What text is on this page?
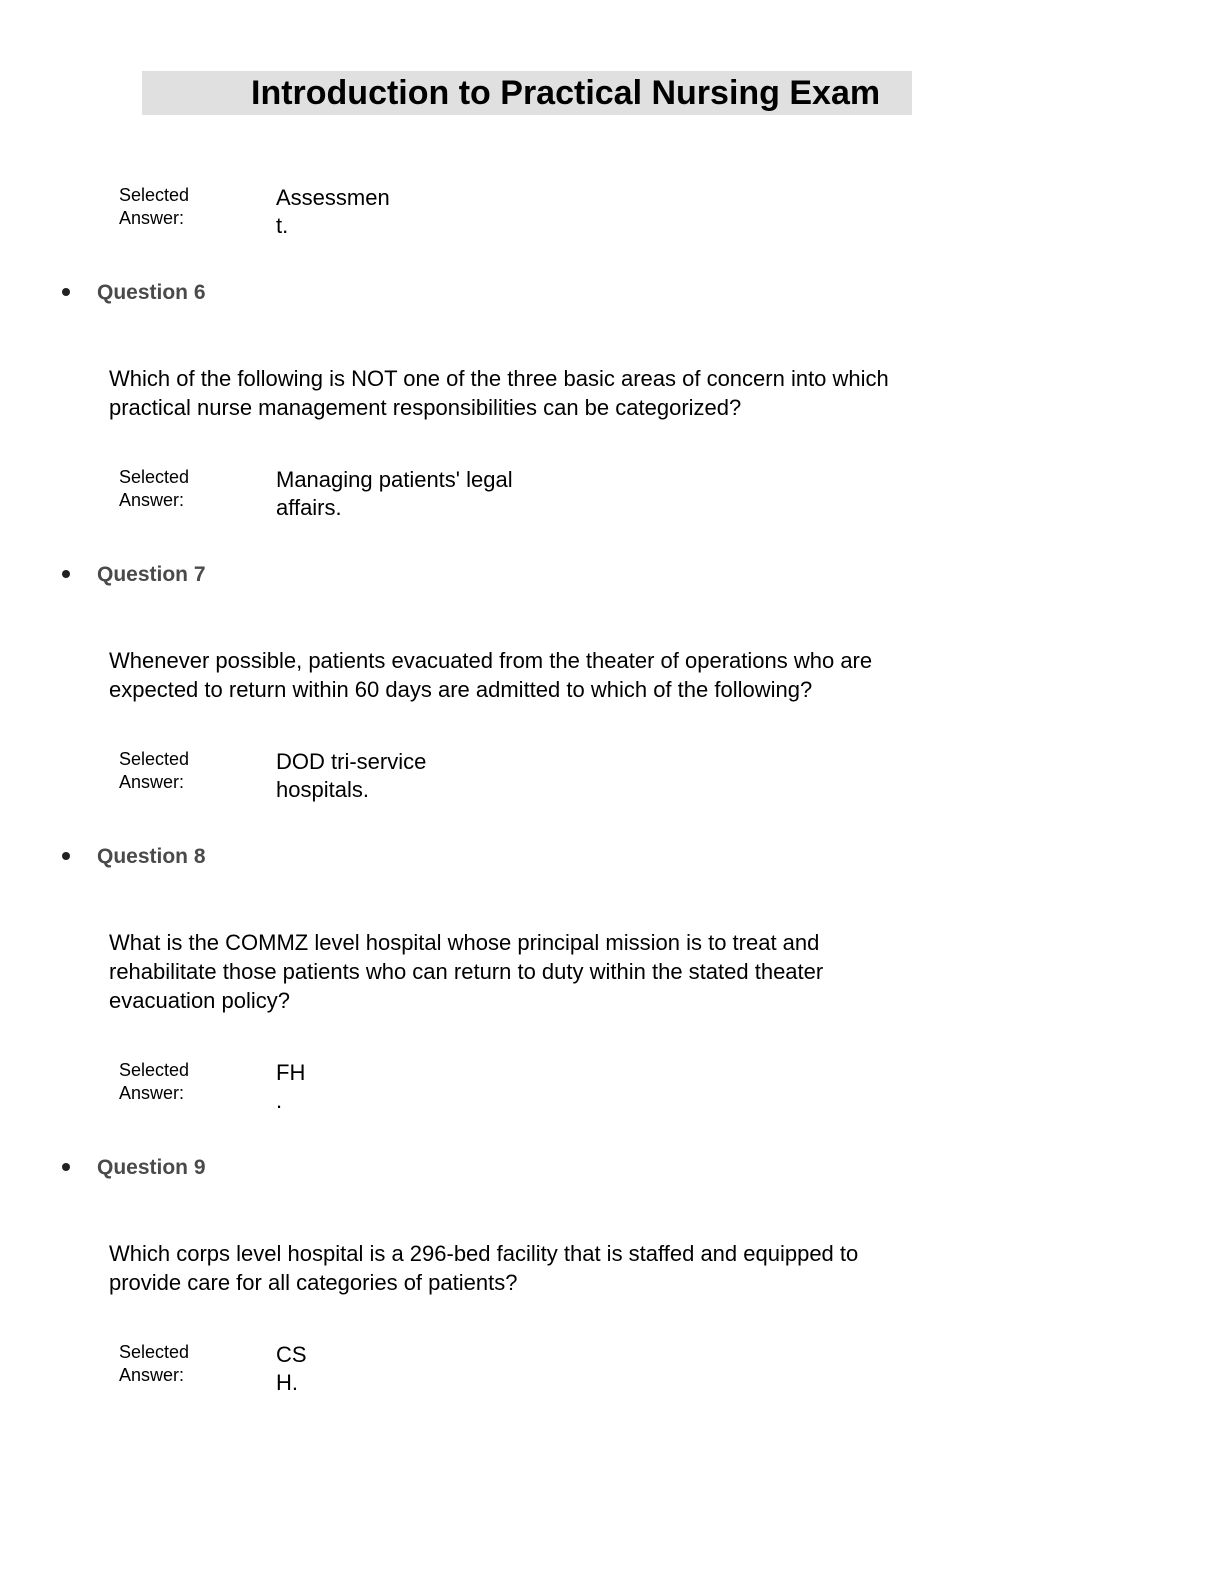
Introduction to Practical Nursing Exam
Selected
Answer:
Assessmen
t.
Question 6
Which of the following is NOT one of the three basic areas of concern into which
practical nurse management responsibilities can be categorized?
Selected
Answer:
Managing patients' legal
affairs.
Question 7
Whenever possible, patients evacuated from the theater of operations who are
expected to return within 60 days are admitted to which of the following?
Selected
Answer:
DOD tri-service
hospitals.
Question 8
What is the COMMZ level hospital whose principal mission is to treat and
rehabilitate those patients who can return to duty within the stated theater
evacuation policy?
Selected
Answer:
FH
.
Question 9
Which corps level hospital is a 296-bed facility that is staffed and equipped to
provide care for all categories of patients?
Selected
Answer:
CS
H.
